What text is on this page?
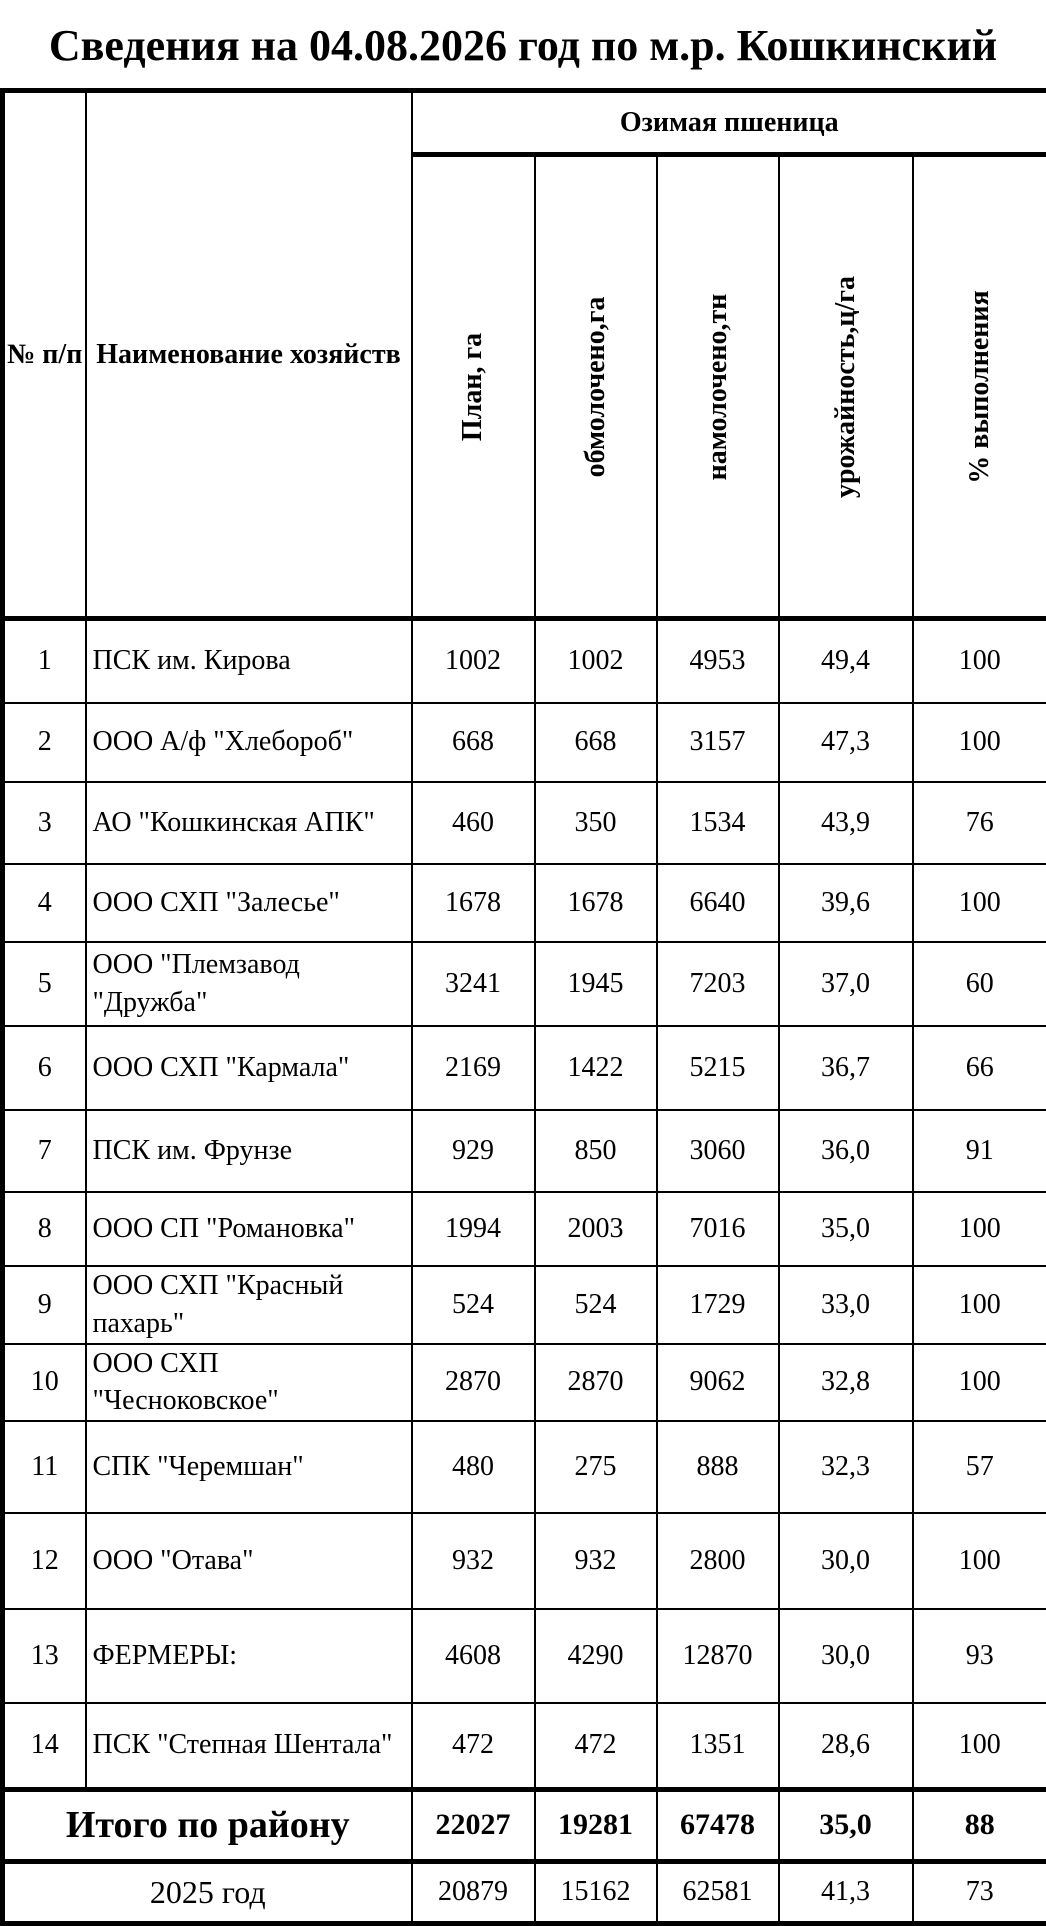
Сведения на 04.08.2026 год по м.р. Кошкинский
№ п/п	Наименование хозяйств	Озимая пшеница				

		План, га	обмолочено,га	намолочено,тн	урожайность,ц/га	% выполнения

1	ПСК им. Кирова	1002	1002	4953	49,4	100
2	ООО А/ф "Хлебороб"	668	668	3157	47,3	100
3	АО "Кошкинская АПК"	460	350	1534	43,9	76
4	ООО СХП "Залесье"	1678	1678	6640	39,6	100
5	ООО "Племзавод "Дружба"	3241	1945	7203	37,0	60
6	ООО СХП "Кармала"	2169	1422	5215	36,7	66
7	ПСК им. Фрунзе	929	850	3060	36,0	91
8	ООО СП "Романовка"	1994	2003	7016	35,0	100
9	ООО СХП "Красный пахарь"	524	524	1729	33,0	100
10	ООО СХП "Чесноковское"	2870	2870	9062	32,8	100
11	СПК "Черемшан"	480	275	888	32,3	57
12	ООО "Отава"	932	932	2800	30,0	100
13	ФЕРМЕРЫ:	4608	4290	12870	30,0	93
14	ПСК "Степная Шентала"	472	472	1351	28,6	100
Итого по району		22027	19281	67478	35,0	88
2025 год		20879	15162	62581	41,3	73
